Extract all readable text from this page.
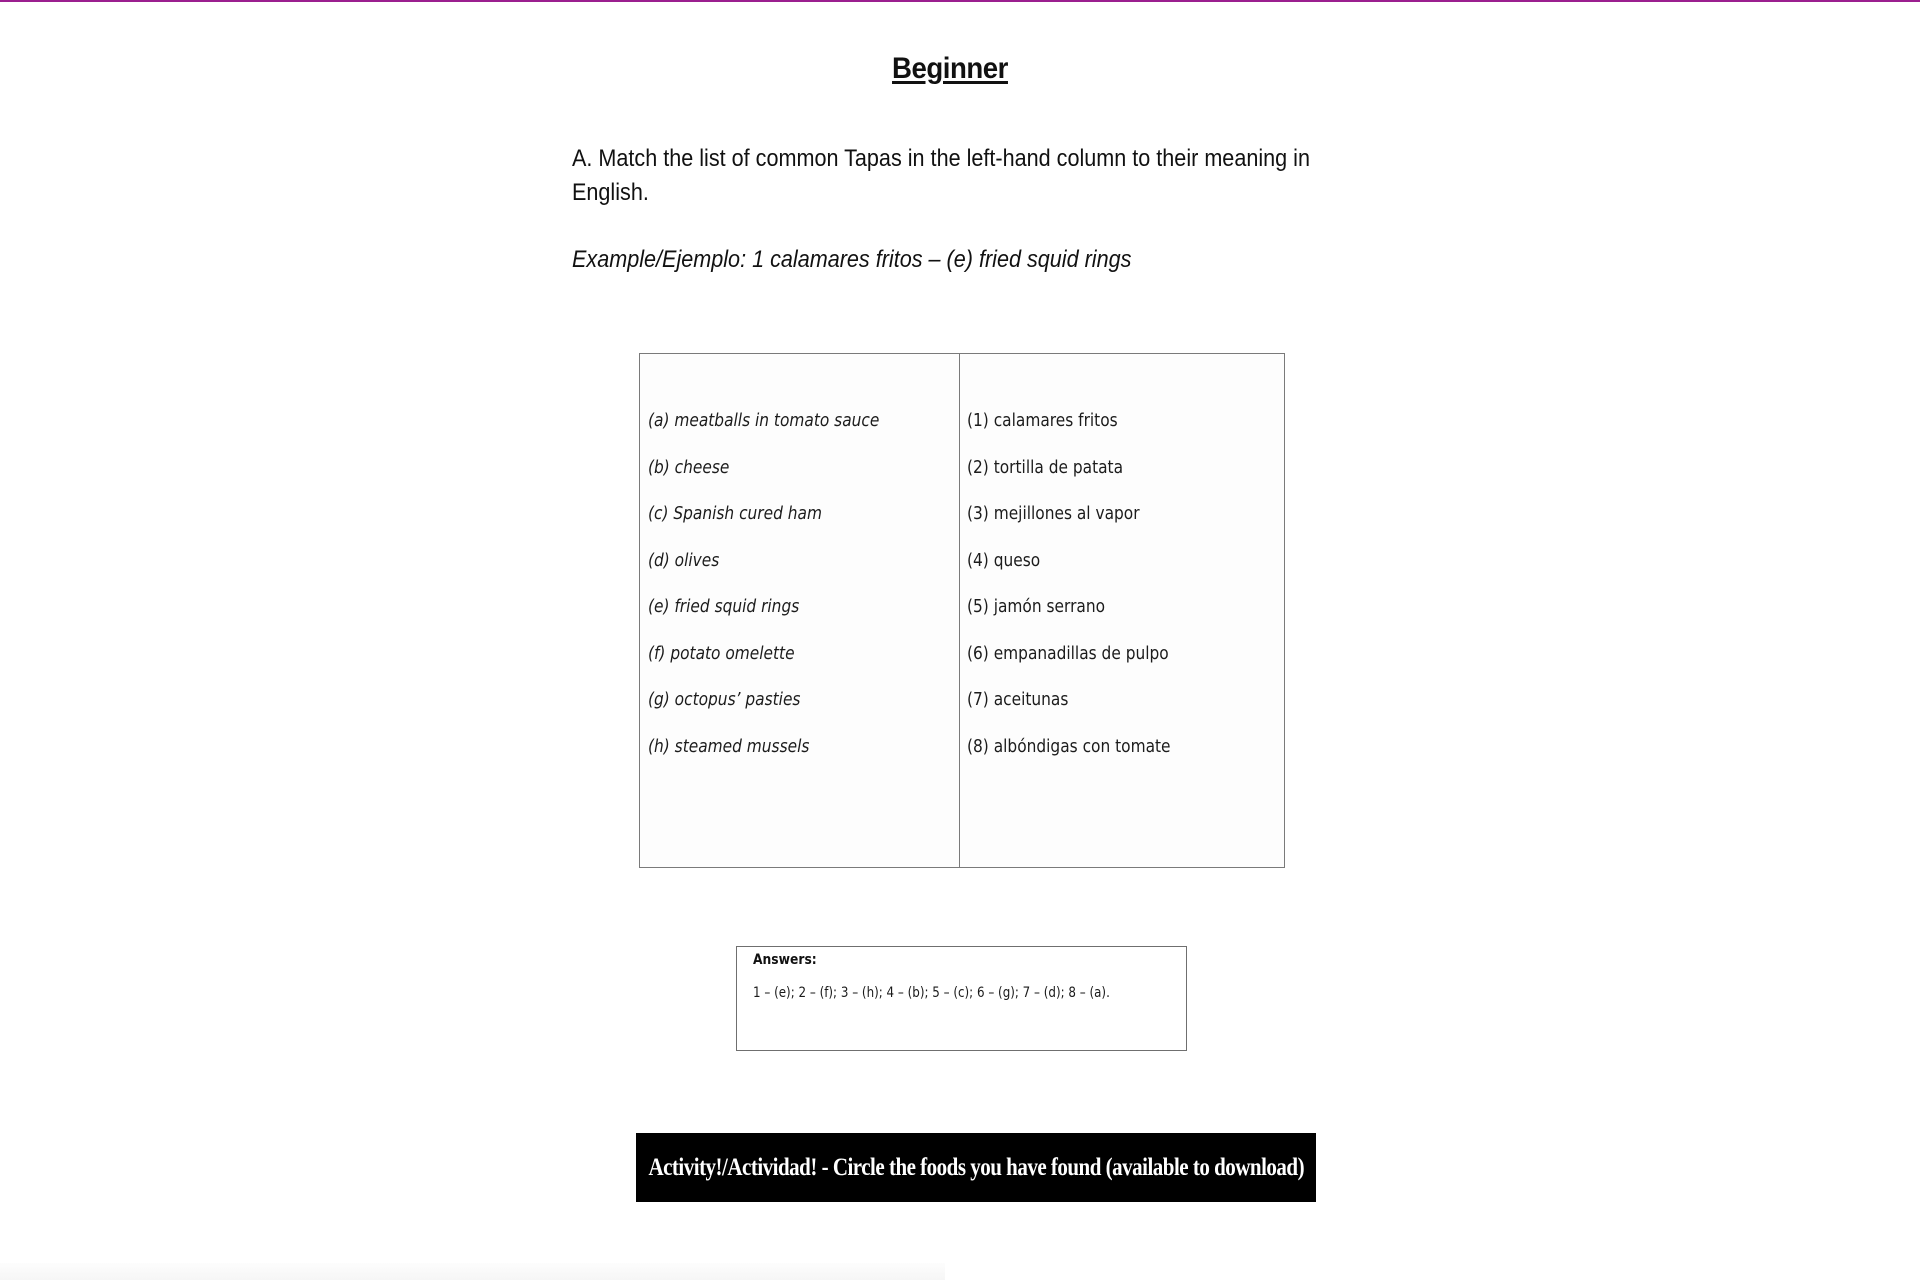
Beginner

A. Match the list of common Tapas in the left-hand column to their meaning in English.

Example/Ejemplo: 1 calamares fritos – (e) fried squid rings

(a) meatballs in tomato sauce
(b) cheese
(c) Spanish cured ham
(d) olives
(e) fried squid rings
(f) potato omelette
(g) octopus’ pasties
(h) steamed mussels
(1) calamares fritos
(2) tortilla de patata
(3) mejillones al vapor
(4) queso
(5) jamón serrano
(6) empanadillas de pulpo
(7) aceitunas
(8) albóndigas con tomate
Answers:
1 – (e); 2 – (f); 3 – (h); 4 – (b); 5 – (c); 6 – (g); 7 – (d); 8 – (a).
Activity!/Actividad! - Circle the foods you have found (available to download)
